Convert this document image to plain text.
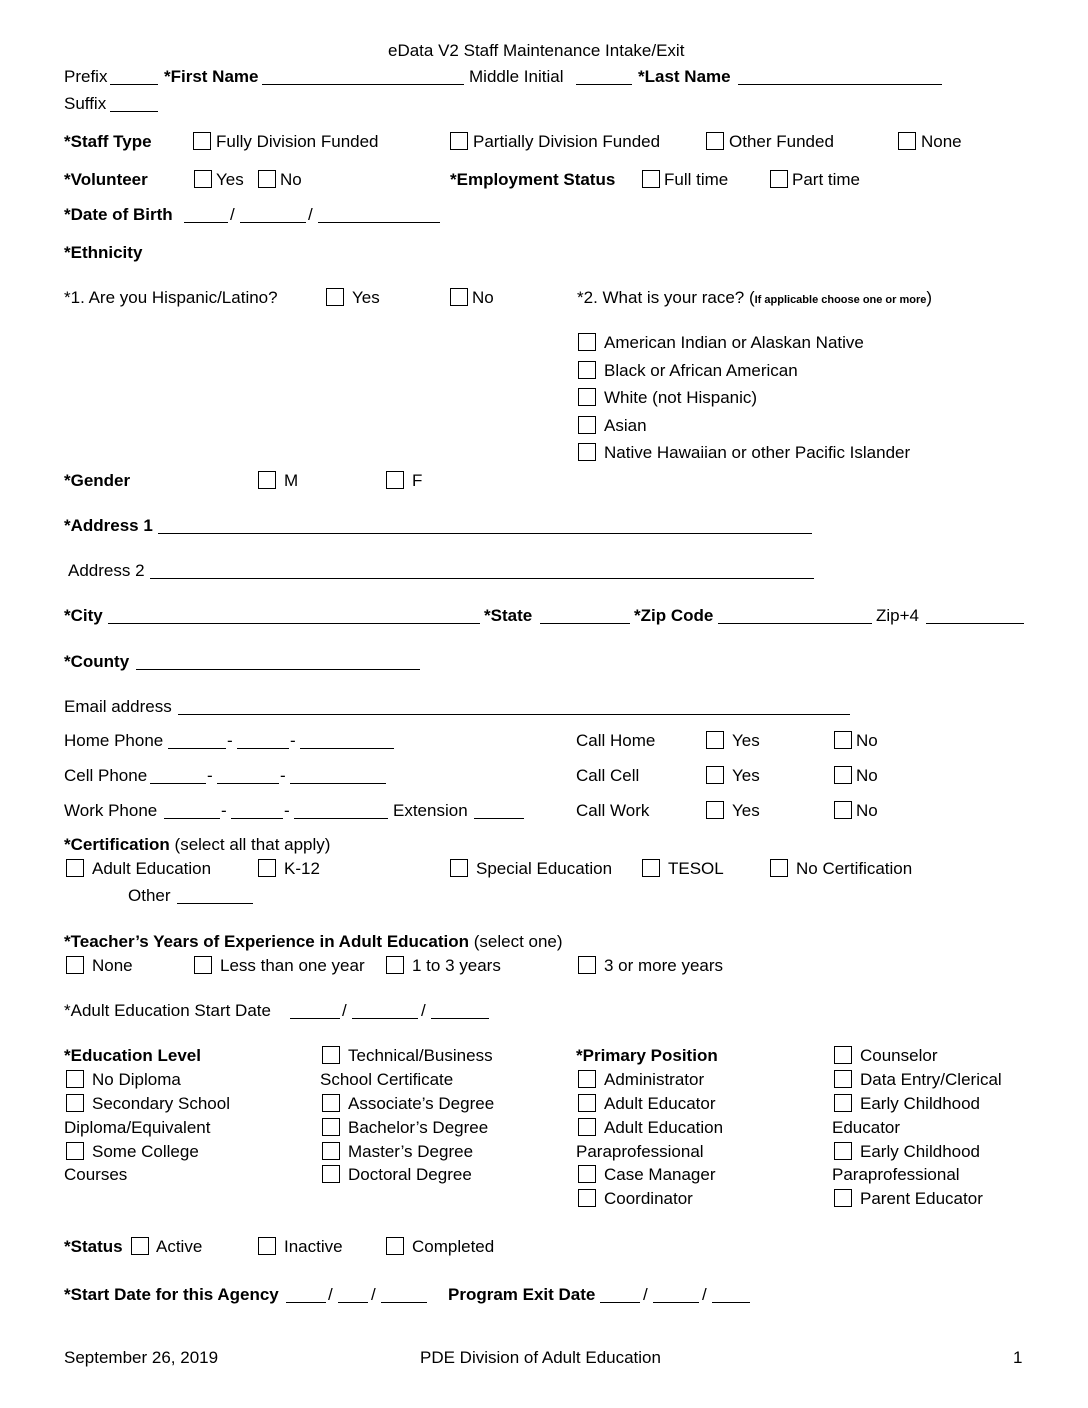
eData V2 Staff Maintenance Intake/Exit
Prefix	*First Name	Middle Initial	*Last Name
Suffix
*Staff Type	Fully Division Funded	Partially Division Funded	Other Funded	None
*Volunteer	Yes No	*Employment Status	Full time	Part time
*Date of Birth	/	/
*Ethnicity
*1. Are you Hispanic/Latino?	Yes	No	*2. What is your race? (If applicable choose one or more)
American Indian or Alaskan Native
Black or African American
White (not Hispanic)
Asian
Native Hawaiian or other Pacific Islander
*Gender	M	F
*Address 1
Address 2
*City	*State	*Zip Code	Zip+4
*County
Email address
Home Phone	-	-
Cell Phone	-	-
Work Phone	-	-	Extension
Call Home	Yes	No
Call Cell	Yes	No
Call Work	Yes	No
*Certification (select all that apply)
Adult Education	K-12	Special Education	TESOL	No Certification
Other
*Teacher’s Years of Experience in Adult Education (select one)
None	Less than one year	1 to 3 years	3 or more years
*Adult Education Start Date	/	/
*Education Level
No Diploma
Secondary School
Diploma/Equivalent
Some College
Courses
Technical/Business
School Certificate
Associate’s Degree
Bachelor’s Degree
Master’s Degree
Doctoral Degree
*Primary Position
Administrator
Adult Educator
Adult Education
Paraprofessional
Case Manager
Coordinator
Counselor
Data Entry/Clerical
Early Childhood
Educator
Early Childhood
Paraprofessional
Parent Educator
*Status Active	Inactive	Completed
*Start Date for this Agency	/ /	Program Exit Date	/	/
September 26, 2019	PDE Division of Adult Education	1
